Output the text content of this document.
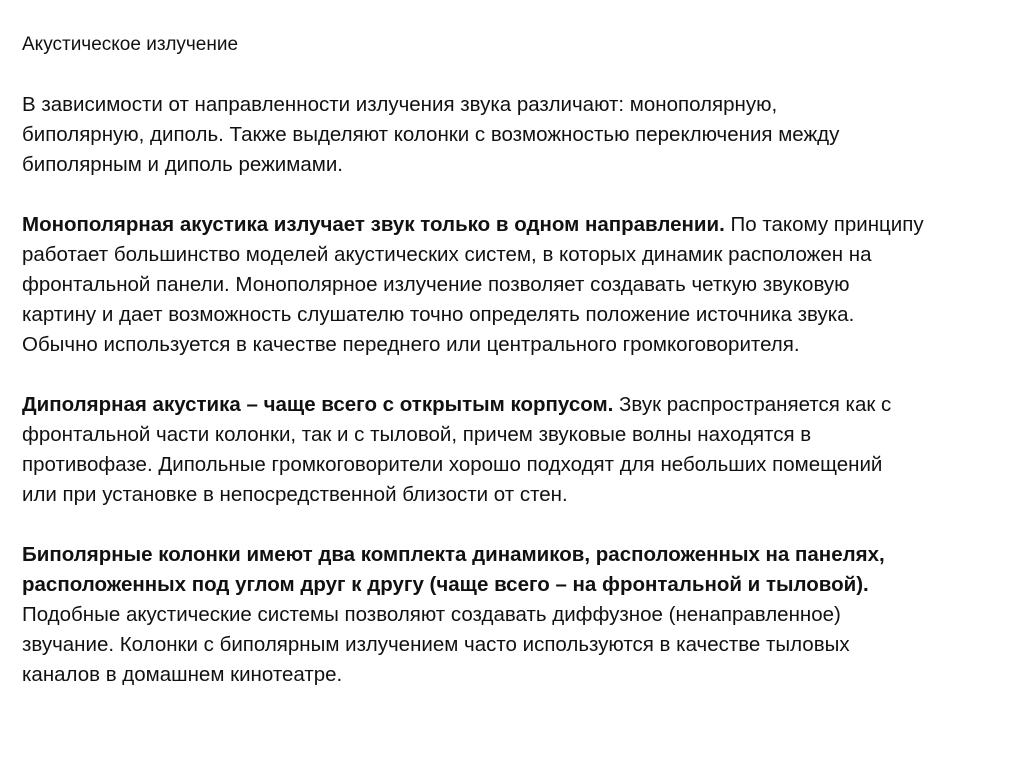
Акустическое излучение
В зависимости от направленности излучения звука различают: монополярную,
биполярную, диполь. Также выделяют колонки с возможностью переключения между
биполярным и диполь режимами.
Монополярная акустика излучает звук только в одном направлении. По такому принципу
работает большинство моделей акустических систем, в которых динамик расположен на
фронтальной панели. Монополярное излучение позволяет создавать четкую звуковую
картину и дает возможность слушателю точно определять положение источника звука.
Обычно используется в качестве переднего или центрального громкоговорителя.
Диполярная акустика – чаще всего с открытым корпусом. Звук распространяется как с
фронтальной части колонки, так и с тыловой, причем звуковые волны находятся в
противофазе. Дипольные громкоговорители хорошо подходят для небольших помещений
или при установке в непосредственной близости от стен.
Биполярные колонки имеют два комплекта динамиков, расположенных на панелях,
расположенных под углом друг к другу (чаще всего – на фронтальной и тыловой).
Подобные акустические системы позволяют создавать диффузное (ненаправленное)
звучание. Колонки с биполярным излучением часто используются в качестве тыловых
каналов в домашнем кинотеатре.
